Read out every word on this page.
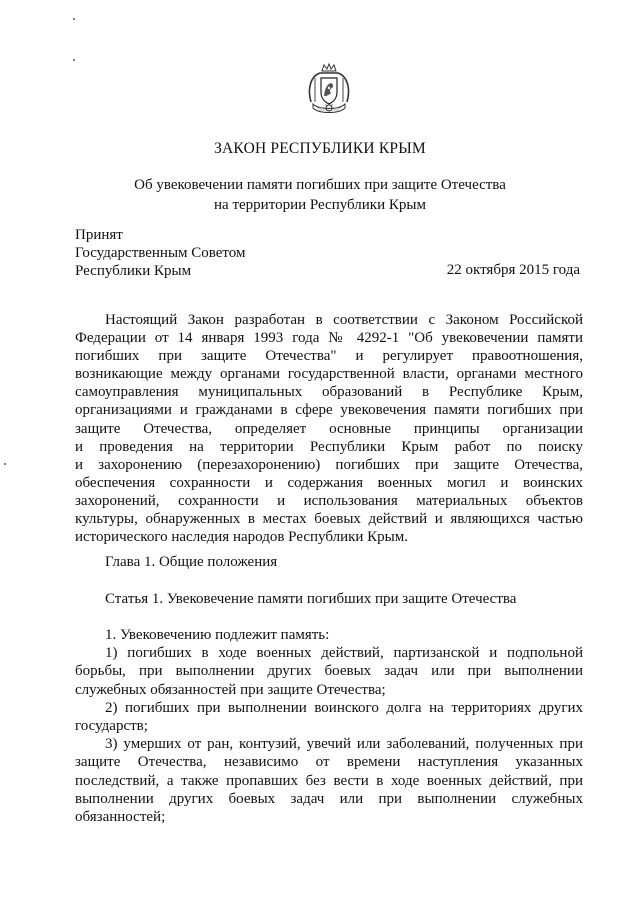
ЗАКОН РЕСПУБЛИКИ КРЫМ
Об увековечении памяти погибших при защите Отечества
на территории Республики Крым
Принят
Государственным Советом
Республики Крым	22 октября 2015 года
Настоящий Закон разработан в соответствии с Законом Российской
Федерации от 14 января 1993 года № 4292-1 "Об увековечении памяти
погибших при защите Отечества" и регулирует правоотношения,
возникающие между органами государственной власти, органами местного
самоуправления муниципальных образований в Республике Крым,
организациями и гражданами в сфере увековечения памяти погибших при
защите Отечества, определяет основные принципы организации
и проведения на территории Республики Крым работ по поиску
и захоронению (перезахоронению) погибших при защите Отечества,
обеспечения сохранности и содержания военных могил и воинских
захоронений, сохранности и использования материальных объектов
культуры, обнаруженных в местах боевых действий и являющихся частью
исторического наследия народов Республики Крым.
Глава 1. Общие положения
Статья 1. Увековечение памяти погибших при защите Отечества
1. Увековечению подлежит память:
1) погибших в ходе военных действий, партизанской и подпольной
борьбы, при выполнении других боевых задач или при выполнении
служебных обязанностей при защите Отечества;
2) погибших при выполнении воинского долга на территориях других
государств;
3) умерших от ран, контузий, увечий или заболеваний, полученных при
защите Отечества, независимо от времени наступления указанных
последствий, а также пропавших без вести в ходе военных действий, при
выполнении других боевых задач или при выполнении служебных
обязанностей;
